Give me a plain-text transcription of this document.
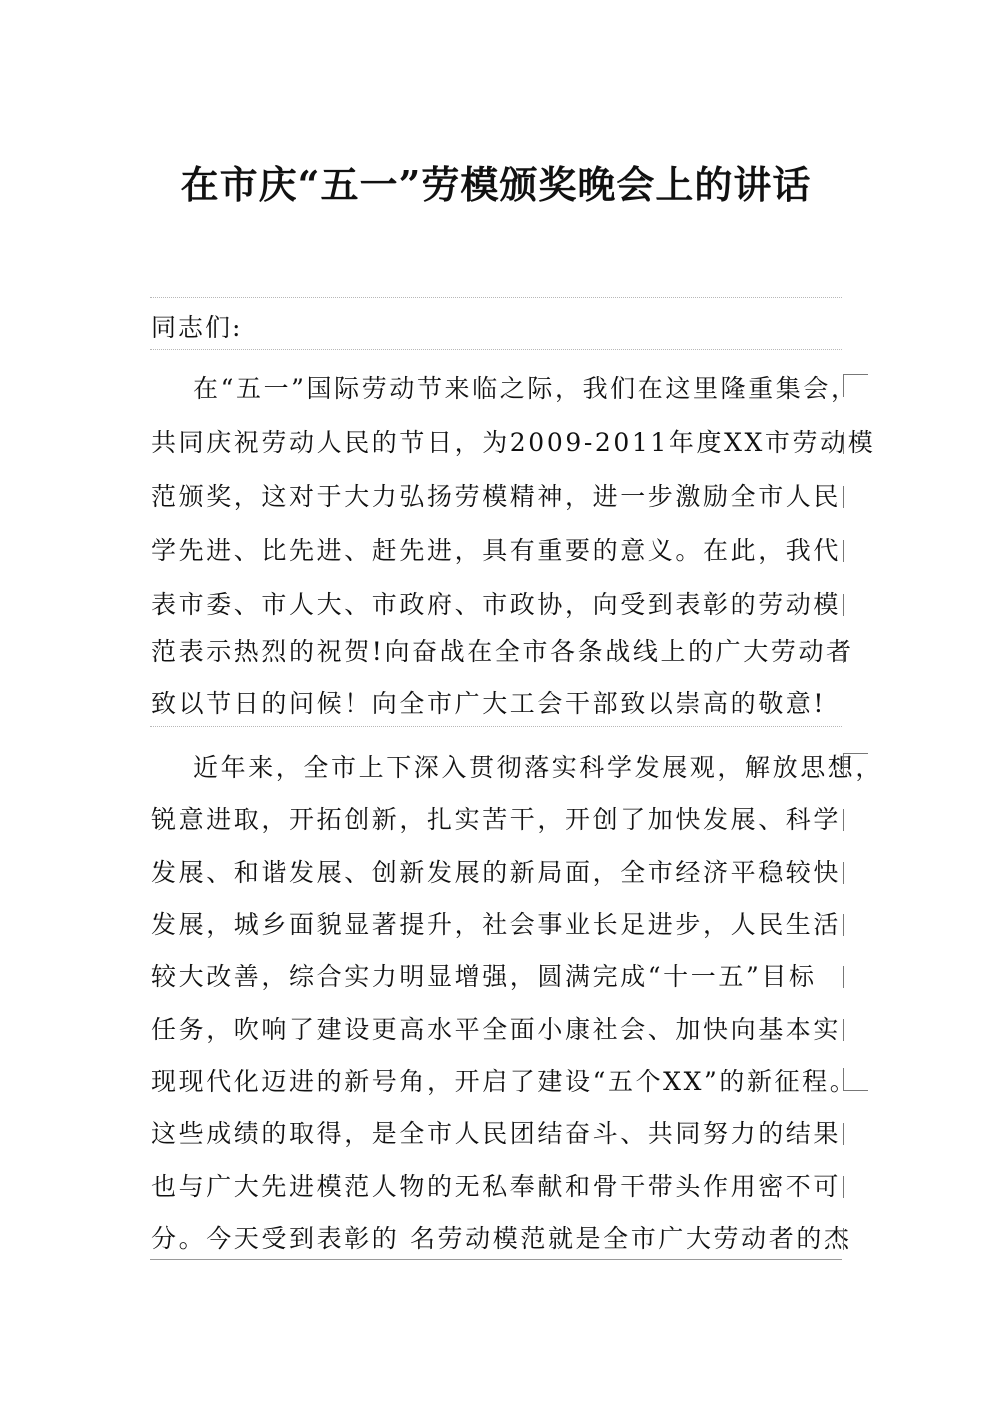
在市庆“五一”劳模颁奖晚会上的讲话
同志们:
在“五一”国际劳动节来临之际，我们在这里隆重集会，
共同庆祝劳动人民的节日，为2009-2011年度XX市劳动模
范颁奖，这对于大力弘扬劳模精神，进一步激励全市人民
学先进、比先进、赶先进，具有重要的意义。在此，我代
表市委、市人大、市政府、市政协，向受到表彰的劳动模
范表示热烈的祝贺!向奋战在全市各条战线上的广大劳动者
致以节日的问候！向全市广大工会干部致以崇高的敬意!
近年来，全市上下深入贯彻落实科学发展观，解放思想，
锐意进取，开拓创新，扎实苦干，开创了加快发展、科学
发展、和谐发展、创新发展的新局面，全市经济平稳较快
发展，城乡面貌显著提升，社会事业长足进步，人民生活
较大改善，综合实力明显增强，圆满完成“十一五”目标
任务，吹响了建设更高水平全面小康社会、加快向基本实
现现代化迈进的新号角，开启了建设“五个XX”的新征程。
这些成绩的取得，是全市人民团结奋斗、共同努力的结果
也与广大先进模范人物的无私奉献和骨干带头作用密不可
分。今天受到表彰的 名劳动模范就是全市广大劳动者的杰
